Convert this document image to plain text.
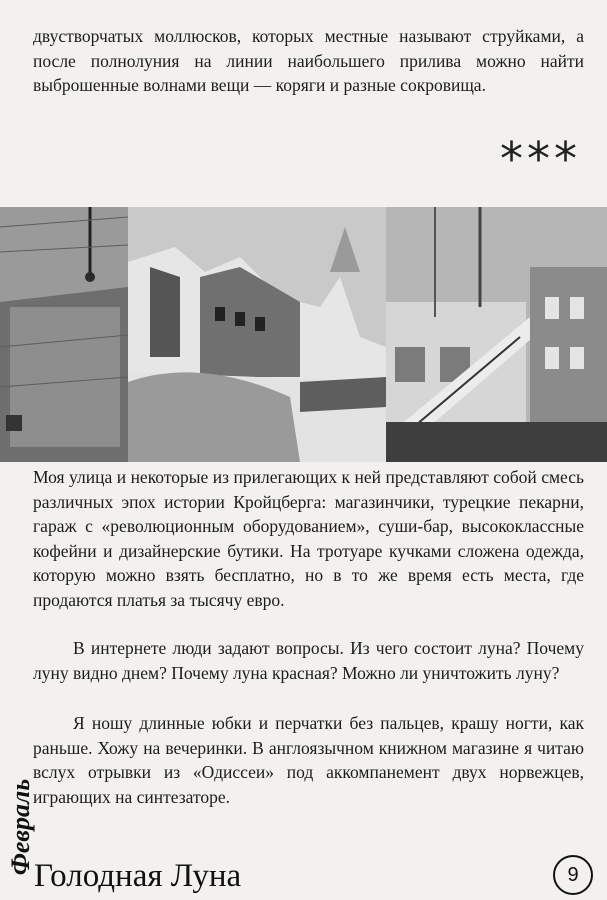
двустворчатых моллюсков, которых местные называют струйками, а после полнолуния на линии наибольшего прилива можно найти выброшенные волнами вещи — коряги и разные сокровища.

***

Моя улица и некоторые из прилегающих к ней представляют собой смесь различных эпох истории Кройцберга: магазинчики, турецкие пекарни, гараж с «революционным оборудованием», суши-бар, высококлассные кофейни и дизайнерские бутики. На тротуаре кучками сложена одежда, которую можно взять бесплатно, но в то же время есть места, где продаются платья за тысячу евро.

В интернете люди задают вопросы. Из чего состоит луна? Почему луну видно днем? Почему луна красная? Можно ли уничтожить луну?

Я ношу длинные юбки и перчатки без пальцев, крашу ногти, как раньше. Хожу на вечеринки. В англоязычном книжном магазине я читаю вслух отрывки из «Одиссеи» под аккомпанемент двух норвежцев, играющих на синтезаторе.

Февраль
Голодная Луна	9
